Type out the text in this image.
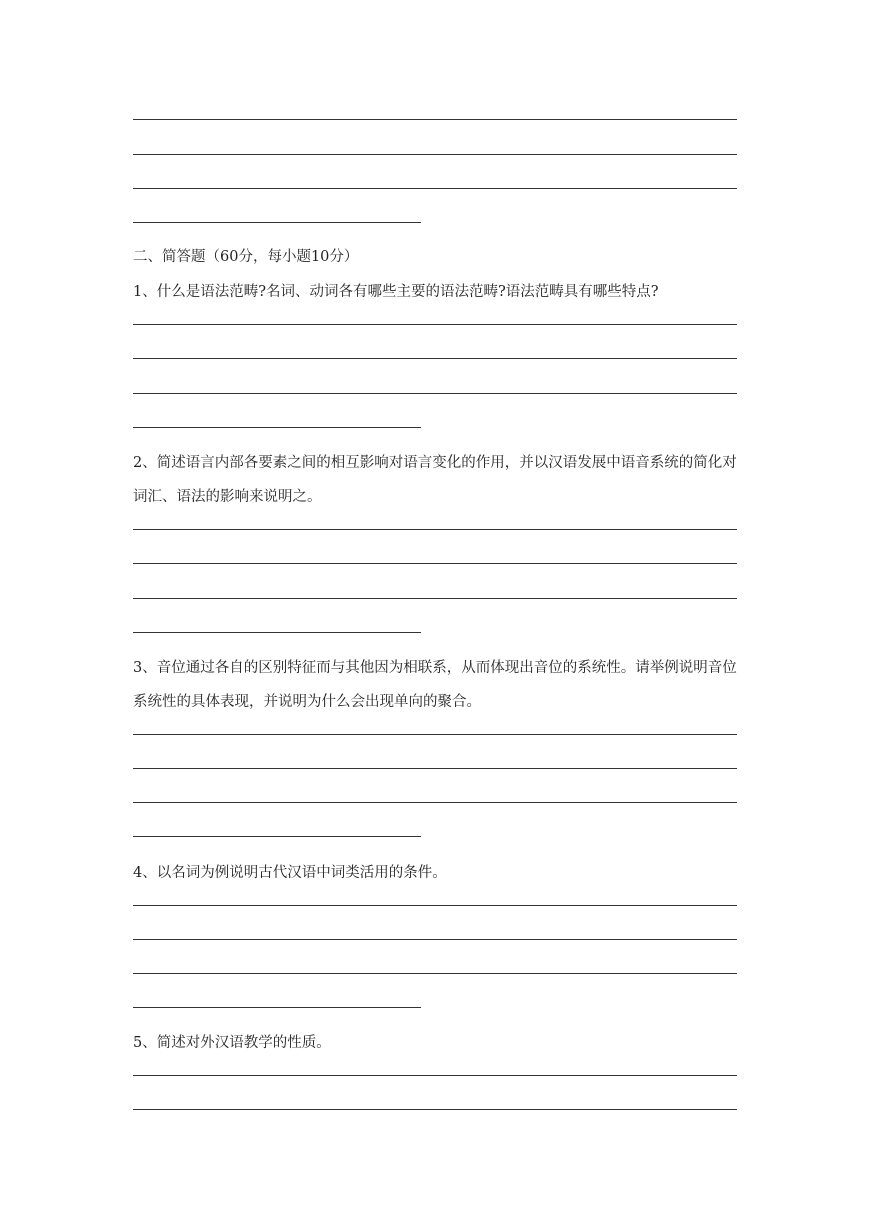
二、简答题（60分，每小题10分）
1、什么是语法范畴?名词、动词各有哪些主要的语法范畴?语法范畴具有哪些特点?
2、简述语言内部各要素之间的相互影响对语言变化的作用，并以汉语发展中语音系统的简化对词汇、语法的影响来说明之。
3、音位通过各自的区别特征而与其他因为相联系，从而体现出音位的系统性。请举例说明音位系统性的具体表现，并说明为什么会出现单向的聚合。
4、以名词为例说明古代汉语中词类活用的条件。
5、简述对外汉语教学的性质。
